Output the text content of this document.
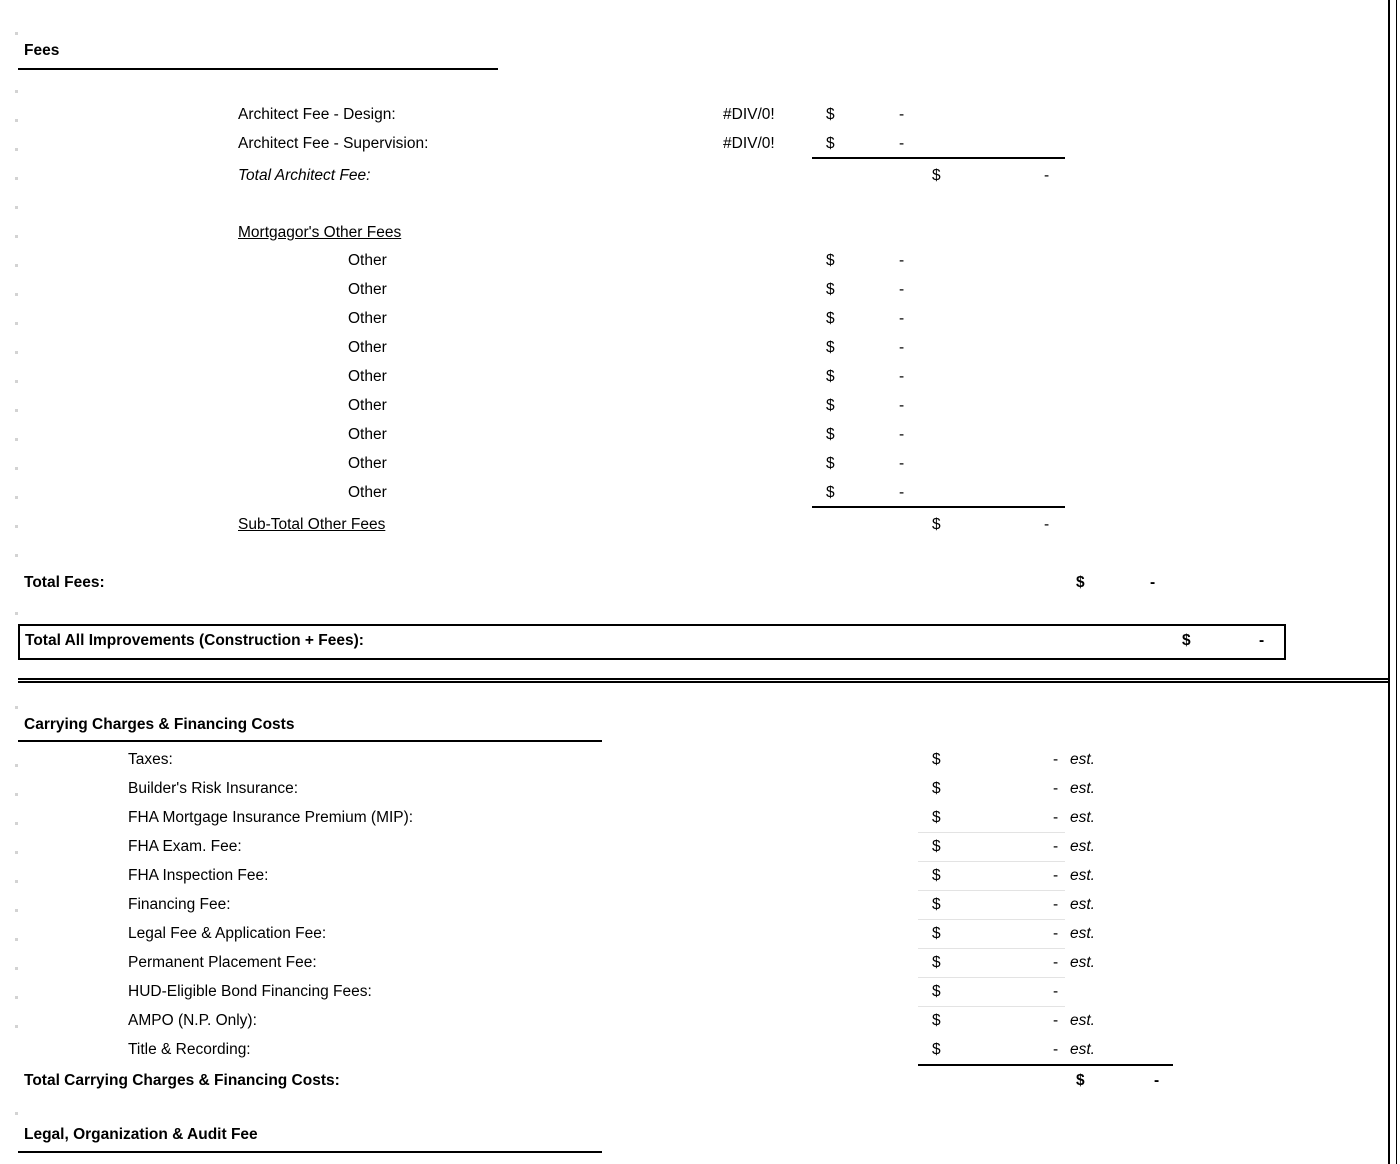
Fees
Architect Fee - Design:	#DIV/0!	$	-
Architect Fee - Supervision:	#DIV/0!	$	-
Total Architect Fee:	$	-
Mortgagor's Other Fees
Other	$	-
Other	$	-
Other	$	-
Other	$	-
Other	$	-
Other	$	-
Other	$	-
Other	$	-
Other	$	-
Sub-Total Other Fees	$	-
Total Fees:	$	-
Total All Improvements (Construction + Fees):	$	-
Carrying Charges & Financing Costs
Taxes:	$	- est.
Builder's Risk Insurance:	$	- est.
FHA Mortgage Insurance Premium (MIP):	$	- est.
FHA Exam. Fee:	$	- est.
FHA Inspection Fee:	$	- est.
Financing Fee:	$	- est.
Legal Fee & Application Fee:	$	- est.
Permanent Placement Fee:	$	- est.
HUD-Eligible Bond Financing Fees:	$	-
AMPO (N.P. Only):	$	- est.
Title & Recording:	$	- est.
Total Carrying Charges & Financing Costs:	$	-
Legal, Organization & Audit Fee
